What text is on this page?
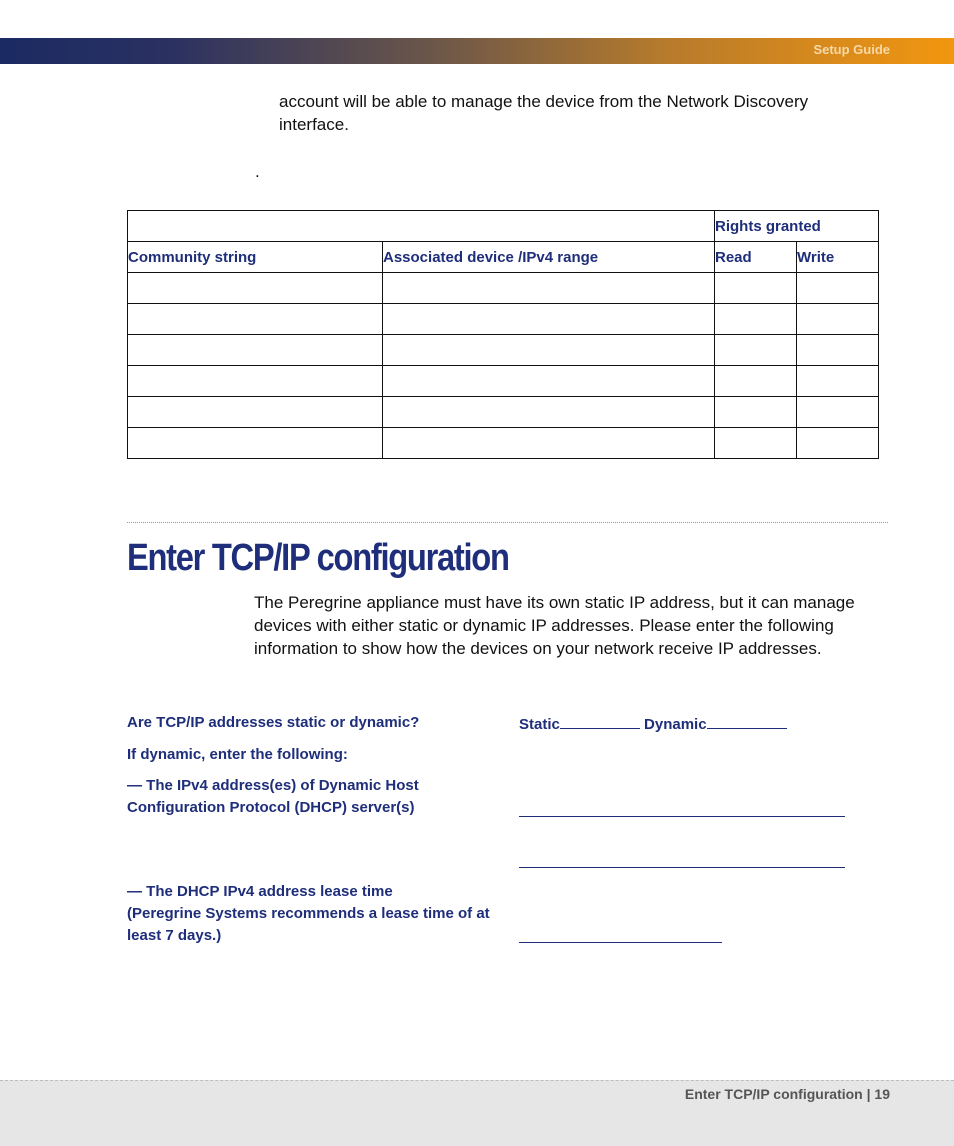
Setup Guide
account will be able to manage the device from the Network Discovery interface.
.
		Rights granted	
Community string	Associated device /IPv4 range	Read	Write

Enter TCP/IP configuration
The Peregrine appliance must have its own static IP address, but it can manage devices with either static or dynamic IP addresses. Please enter the following information to show how the devices on your network receive IP addresses.
Are TCP/IP addresses static or dynamic?	Static	Dynamic
If dynamic, enter the following:
— The IPv4 address(es) of Dynamic Host
Configuration Protocol (DHCP) server(s)
— The DHCP IPv4 address lease time
(Peregrine Systems recommends a lease time of at
least 7 days.)
Enter TCP/IP configuration | 19
